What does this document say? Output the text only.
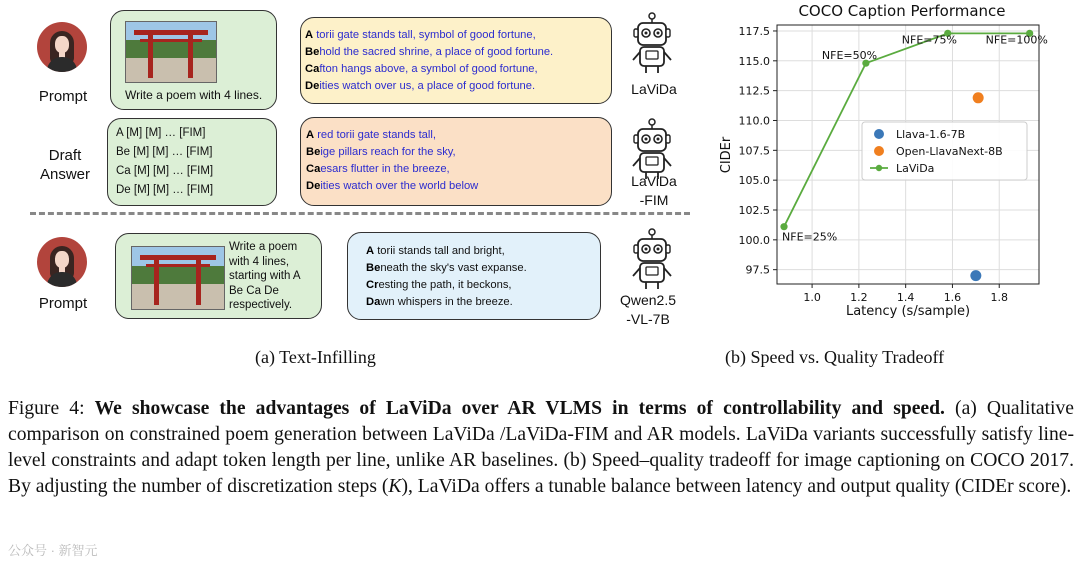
Prompt	Write a poem with 4 lines.
A torii gate stands tall, symbol of good fortune,
Behold the sacred shrine, a place of good fortune.
Cafton hangs above, a symbol of good fortune,
Deities watch over us, a place of good fortune.	LaViDa
Draft
Answer
A [M] [M] … [FIM]
Be [M] [M] … [FIM]
Ca [M] [M] … [FIM]
De [M] [M] … [FIM]
A red torii gate stands tall,
Beige pillars reach for the sky,
Caesars flutter in the breeze,
Deities watch over the world below	LaViDa
-FIM
Prompt
Write a poem
with 4 lines,
starting with A
Be Ca De
respectively.
A torii stands tall and bright,
Beneath the sky's vast expanse.
Cresting the path, it beckons,
Dawn whispers in the breeze.	Qwen2.5
-VL-7B
(a) Text-Infilling
COCO Caption Performance
1.0	1.2	1.4	1.6	1.8
97.5
100.0
102.5
105.0
107.5
110.0
112.5
115.0
117.5
NFE=25%
NFE=50%
NFE=75%	NFE=100%
Latency (s/sample)
CIDEr
Llava-1.6-7B
Open-LlavaNext-8B
LaViDa
(b) Speed vs. Quality Tradeoff
Figure 4: We showcase the advantages of LaViDa over AR VLMS in terms of controllability and speed. (a) Qualitative comparison on constrained poem generation between LaViDa /LaViDa-FIM and AR models. LaViDa variants successfully satisfy line-level constraints and adapt token length per line, unlike AR baselines. (b) Speed–quality tradeoff for image captioning on COCO 2017. By adjusting the number of discretization steps (K), LaViDa offers a tunable balance between latency and output quality (CIDEr score).
公众号 · 新智元
